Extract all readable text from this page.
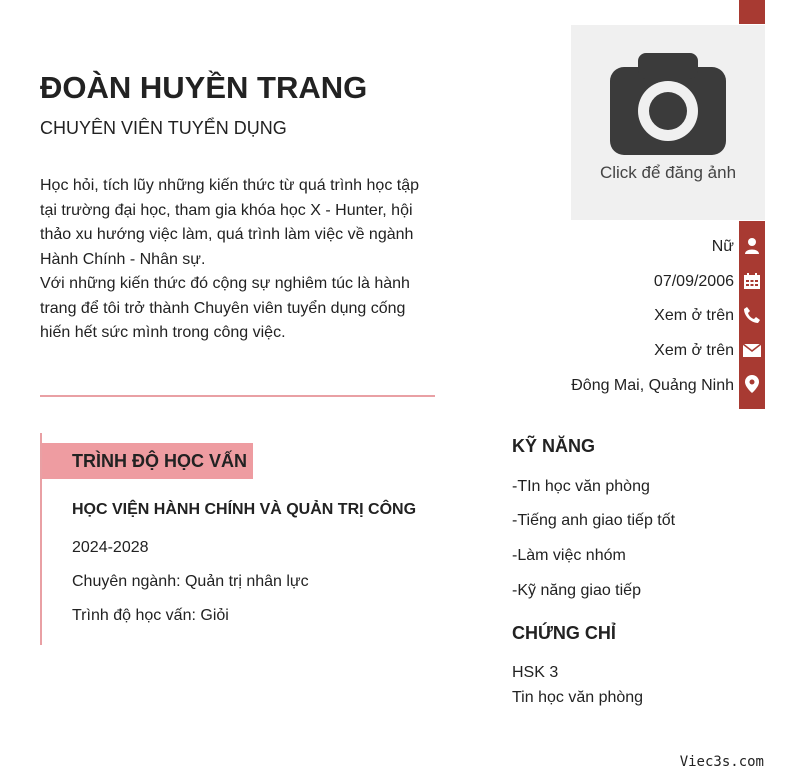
Click để đăng ảnh
ĐOÀN HUYỀN TRANG
CHUYÊN VIÊN TUYỂN DỤNG
Học hỏi, tích lũy những kiến thức từ quá trình học tập tại trường đại học, tham gia khóa học X - Hunter, hội thảo xu hướng việc làm, quá trình làm việc về ngành Hành Chính - Nhân sự.
Với những kiến thức đó cộng sự nghiêm túc là hành trang để tôi trở thành Chuyên viên tuyển dụng cống hiến hết sức mình trong công việc.
Nữ
07/09/2006
Xem ở trên
Xem ở trên
Đông Mai, Quảng Ninh
TRÌNH ĐỘ HỌC VẤN
HỌC VIỆN HÀNH CHÍNH VÀ QUẢN TRỊ CÔNG
2024-2028
Chuyên ngành: Quản trị nhân lực
Trình độ học vấn: Giỏi
KỸ NĂNG
-TIn học văn phòng
-Tiếng anh giao tiếp tốt
-Làm việc nhóm
-Kỹ năng giao tiếp
CHỨNG CHỈ
HSK 3
Tin học văn phòng
Viec3s.com
